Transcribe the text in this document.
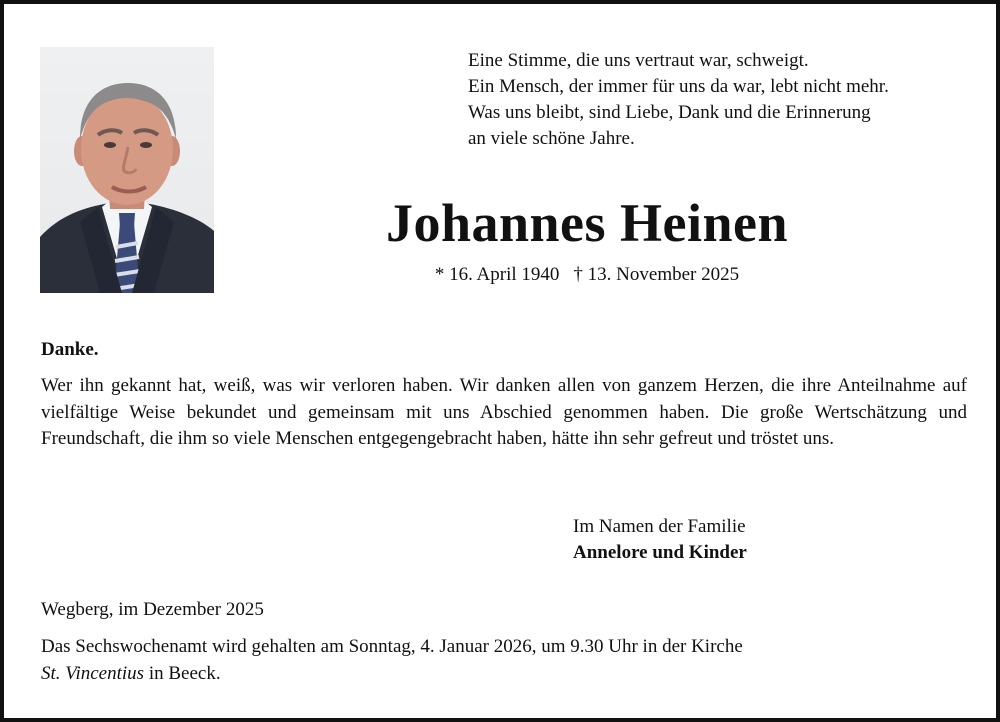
Eine Stimme, die uns vertraut war, schweigt.
Ein Mensch, der immer für uns da war, lebt nicht mehr.
Was uns bleibt, sind Liebe, Dank und die Erinnerung
an viele schöne Jahre.
Johannes Heinen
* 16. April 1940 † 13. November 2025
Danke.
Wer ihn gekannt hat, weiß, was wir verloren haben. Wir danken allen von ganzem Herzen, die ihre Anteilnahme auf vielfältige Weise bekundet und gemeinsam mit uns Abschied genommen haben. Die große Wertschätzung und Freundschaft, die ihm so viele Menschen entgegengebracht haben, hätte ihn sehr gefreut und tröstet uns.
Im Namen der Familie
Annelore und Kinder
Wegberg, im Dezember 2025
Das Sechswochenamt wird gehalten am Sonntag, 4. Januar 2026, um 9.30 Uhr in der Kirche
St. Vincentius in Beeck.
